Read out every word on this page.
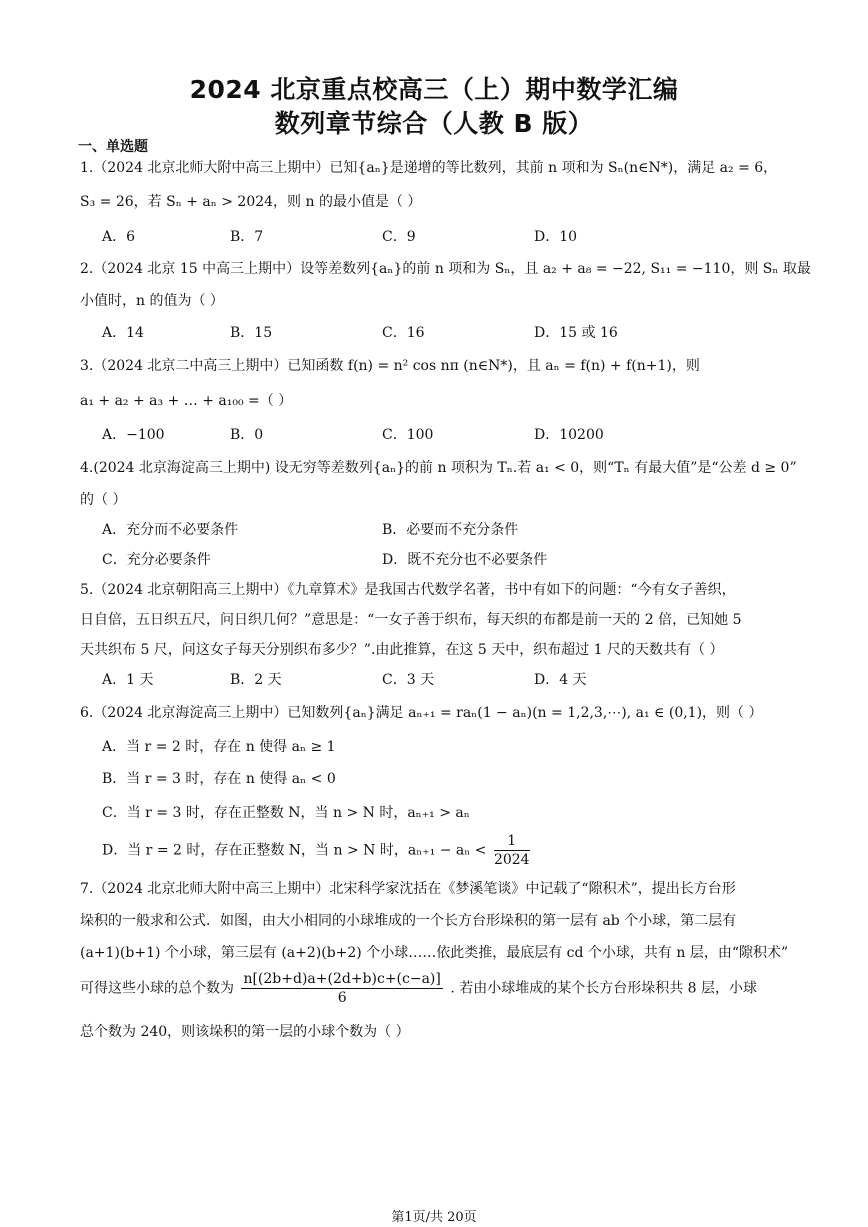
2024 北京重点校高三（上）期中数学汇编
数列章节综合（人教 B 版）
一、单选题
1.（2024 北京北师大附中高三上期中）已知{aₙ}是递增的等比数列，其前 n 项和为 Sₙ(n∈N*)，满足 a₂ = 6，
S₃ = 26，若 Sₙ + aₙ > 2024，则 n 的最小值是（ ）
A．6	B．7	C．9	D．10
2.（2024 北京 15 中高三上期中）设等差数列{aₙ}的前 n 项和为 Sₙ，且 a₂ + a₈ = −22, S₁₁ = −110，则 Sₙ 取最
小值时，n 的值为（ ）
A．14	B．15	C．16	D．15 或 16
3.（2024 北京二中高三上期中）已知函数 f(n) = n² cos nπ (n∈N*)，且 aₙ = f(n) + f(n+1)，则
a₁ + a₂ + a₃ + … + a₁₀₀ =（ ）
A．−100	B．0	C．100	D．10200
4.(2024 北京海淀高三上期中) 设无穷等差数列{aₙ}的前 n 项积为 Tₙ.若 a₁ < 0，则“Tₙ 有最大值”是“公差 d ≥ 0”
的（ ）
A．充分而不必要条件	B．必要而不充分条件
C．充分必要条件	D．既不充分也不必要条件
5.（2024 北京朝阳高三上期中）《九章算术》是我国古代数学名著，书中有如下的问题：“今有女子善织，
日自倍，五日织五尺，问日织几何？”意思是：“一女子善于织布，每天织的布都是前一天的 2 倍，已知她 5
天共织布 5 尺，问这女子每天分别织布多少？”.由此推算，在这 5 天中，织布超过 1 尺的天数共有（ ）
A．1 天	B．2 天	C．3 天	D．4 天
6.（2024 北京海淀高三上期中）已知数列{aₙ}满足 aₙ₊₁ = raₙ(1 − aₙ)(n = 1,2,3,⋯), a₁ ∈ (0,1)，则（ ）
A．当 r = 2 时，存在 n 使得 aₙ ≥ 1
B．当 r = 3 时，存在 n 使得 aₙ < 0
C．当 r = 3 时，存在正整数 N，当 n > N 时，aₙ₊₁ > aₙ
D．当 r = 2 时，存在正整数 N，当 n > N 时，$a_{n+1} - a_n < \frac{1}{2024}$
7.（2024 北京北师大附中高三上期中）北宋科学家沈括在《梦溪笔谈》中记载了“隙积术”，提出长方台形
垛积的一般求和公式．如图，由大小相同的小球堆成的一个长方台形垛积的第一层有 ab 个小球，第二层有
(a+1)(b+1) 个小球，第三层有 (a+2)(b+2) 个小球……依此类推，最底层有 cd 个小球，共有 n 层，由“隙积术”
可得这些小球的总个数为 $\frac{n[(2b+d)a+(2d+b)c+(c-a)]}{6}$ . 若由小球堆成的某个长方台形垛积共 8 层，小球
总个数为 240，则该垛积的第一层的小球个数为（ ）
第1页/共 20页
